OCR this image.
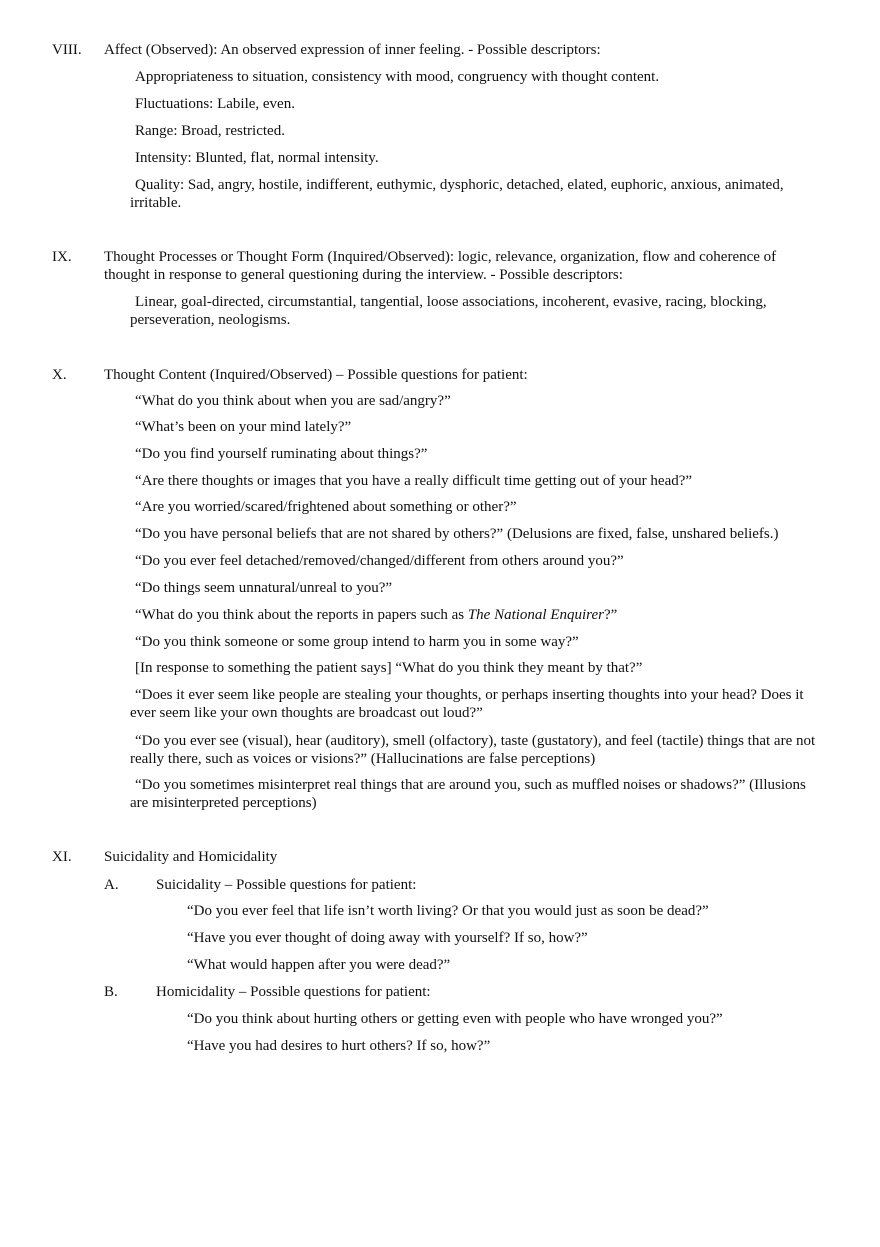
VIII. Affect (Observed): An observed expression of inner feeling. - Possible descriptors:
Appropriateness to situation, consistency with mood, congruency with thought content.
Fluctuations: Labile, even.
Range: Broad, restricted.
Intensity: Blunted, flat, normal intensity.
Quality: Sad, angry, hostile, indifferent, euthymic, dysphoric, detached, elated, euphoric, anxious, animated, irritable.
IX. Thought Processes or Thought Form (Inquired/Observed): logic, relevance, organization, flow and coherence of thought in response to general questioning during the interview. - Possible descriptors:
Linear, goal-directed, circumstantial, tangential, loose associations, incoherent, evasive, racing, blocking, perseveration, neologisms.
X. Thought Content (Inquired/Observed) – Possible questions for patient:
“What do you think about when you are sad/angry?”
“What’s been on your mind lately?”
“Do you find yourself ruminating about things?”
“Are there thoughts or images that you have a really difficult time getting out of your head?”
“Are you worried/scared/frightened about something or other?”
“Do you have personal beliefs that are not shared by others?” (Delusions are fixed, false, unshared beliefs.)
“Do you ever feel detached/removed/changed/different from others around you?”
“Do things seem unnatural/unreal to you?”
“What do you think about the reports in papers such as The National Enquirer?”
“Do you think someone or some group intend to harm you in some way?”
[In response to something the patient says] “What do you think they meant by that?”
“Does it ever seem like people are stealing your thoughts, or perhaps inserting thoughts into your head? Does it ever seem like your own thoughts are broadcast out loud?”
“Do you ever see (visual), hear (auditory), smell (olfactory), taste (gustatory), and feel (tactile) things that are not really there, such as voices or visions?” (Hallucinations are false perceptions)
“Do you sometimes misinterpret real things that are around you, such as muffled noises or shadows?” (Illusions are misinterpreted perceptions)
XI. Suicidality and Homicidality
A. Suicidality – Possible questions for patient:
“Do you ever feel that life isn’t worth living? Or that you would just as soon be dead?”
“Have you ever thought of doing away with yourself? If so, how?”
“What would happen after you were dead?”
B.	Homicidality – Possible questions for patient:
“Do you think about hurting others or getting even with people who have wronged you?”
“Have you had desires to hurt others? If so, how?”
